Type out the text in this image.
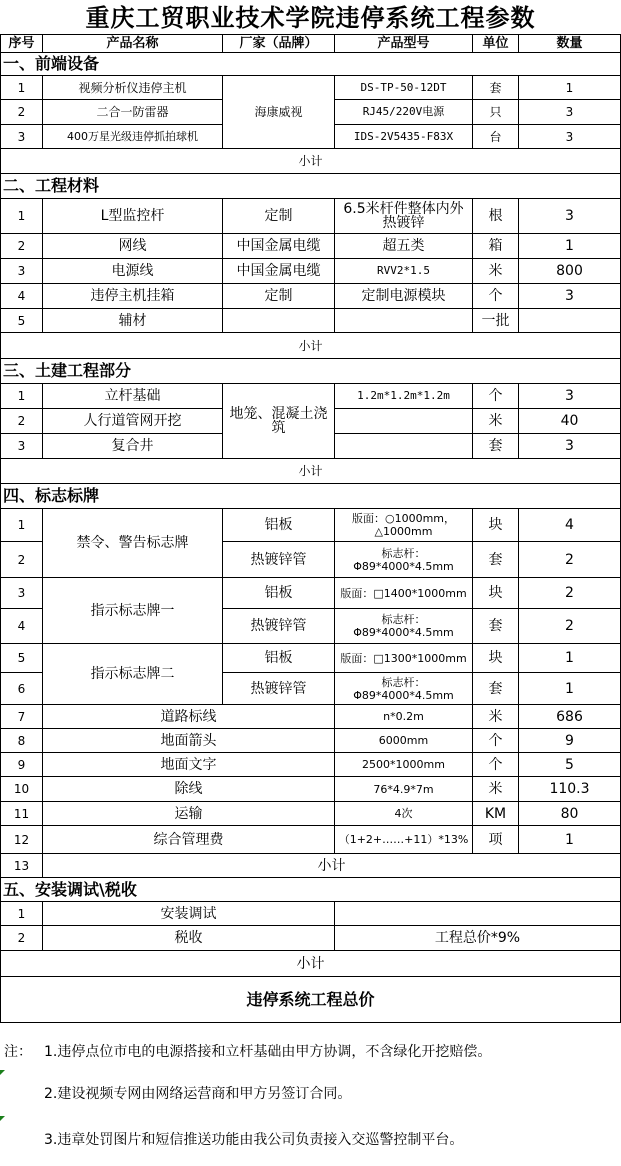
重庆工贸职业技术学院违停系统工程参数
序号	产品名称	厂家（品牌）	产品型号	单位	数量
一、前端设备					
1	视频分析仪违停主机	海康威视	DS-TP-50-12DT	套	1
2	二合一防雷器		RJ45/220V电源	只	3
3	400万星光级违停抓拍球机		IDS-2V5435-F83X	台	3
小计					
二、工程材料					
1	L型监控杆	定制	6.5米杆件整体内外热镀锌	根	3
2	网线	中国金属电缆	超五类	箱	1
3	电源线	中国金属电缆	RVV2*1.5	米	800
4	违停主机挂箱	定制	定制电源模块	个	3
5	辅材			一批	
小计					
三、土建工程部分					
1	立杆基础	地笼、混凝土浇筑	1.2m*1.2m*1.2m	个	3
2	人行道管网开挖			米	40
3	复合井			套	3
小计					
四、标志标牌					
1	禁令、警告标志牌	铝板	版面：○1000mm，△1000mm	块	4
2		热镀锌管	标志杆：Φ89*4000*4.5mm	套	2
3	指示标志牌一	铝板	版面：□1400*1000mm	块	2
4		热镀锌管	标志杆：Φ89*4000*4.5mm	套	2
5	指示标志牌二	铝板	版面：□1300*1000mm	块	1
6		热镀锌管	标志杆：Φ89*4000*4.5mm	套	1
7	道路标线		n*0.2m	米	686
8	地面箭头		6000mm	个	9
9	地面文字		2500*1000mm	个	5
10	除线		76*4.9*7m	米	110.3
11	运输		4次	KM	80
12	综合管理费		（1+2+……+11）*13%	项	1
13	小计				
五、安装调试\税收					
1	安装调试				
2	税收		工程总价*9%		
小计					
违停系统工程总价					
注： 1.违停点位市电的电源搭接和立杆基础由甲方协调，不含绿化开挖赔偿。
2.建设视频专网由网络运营商和甲方另签订合同。
3.违章处罚图片和短信推送功能由我公司负责接入交巡警控制平台。
